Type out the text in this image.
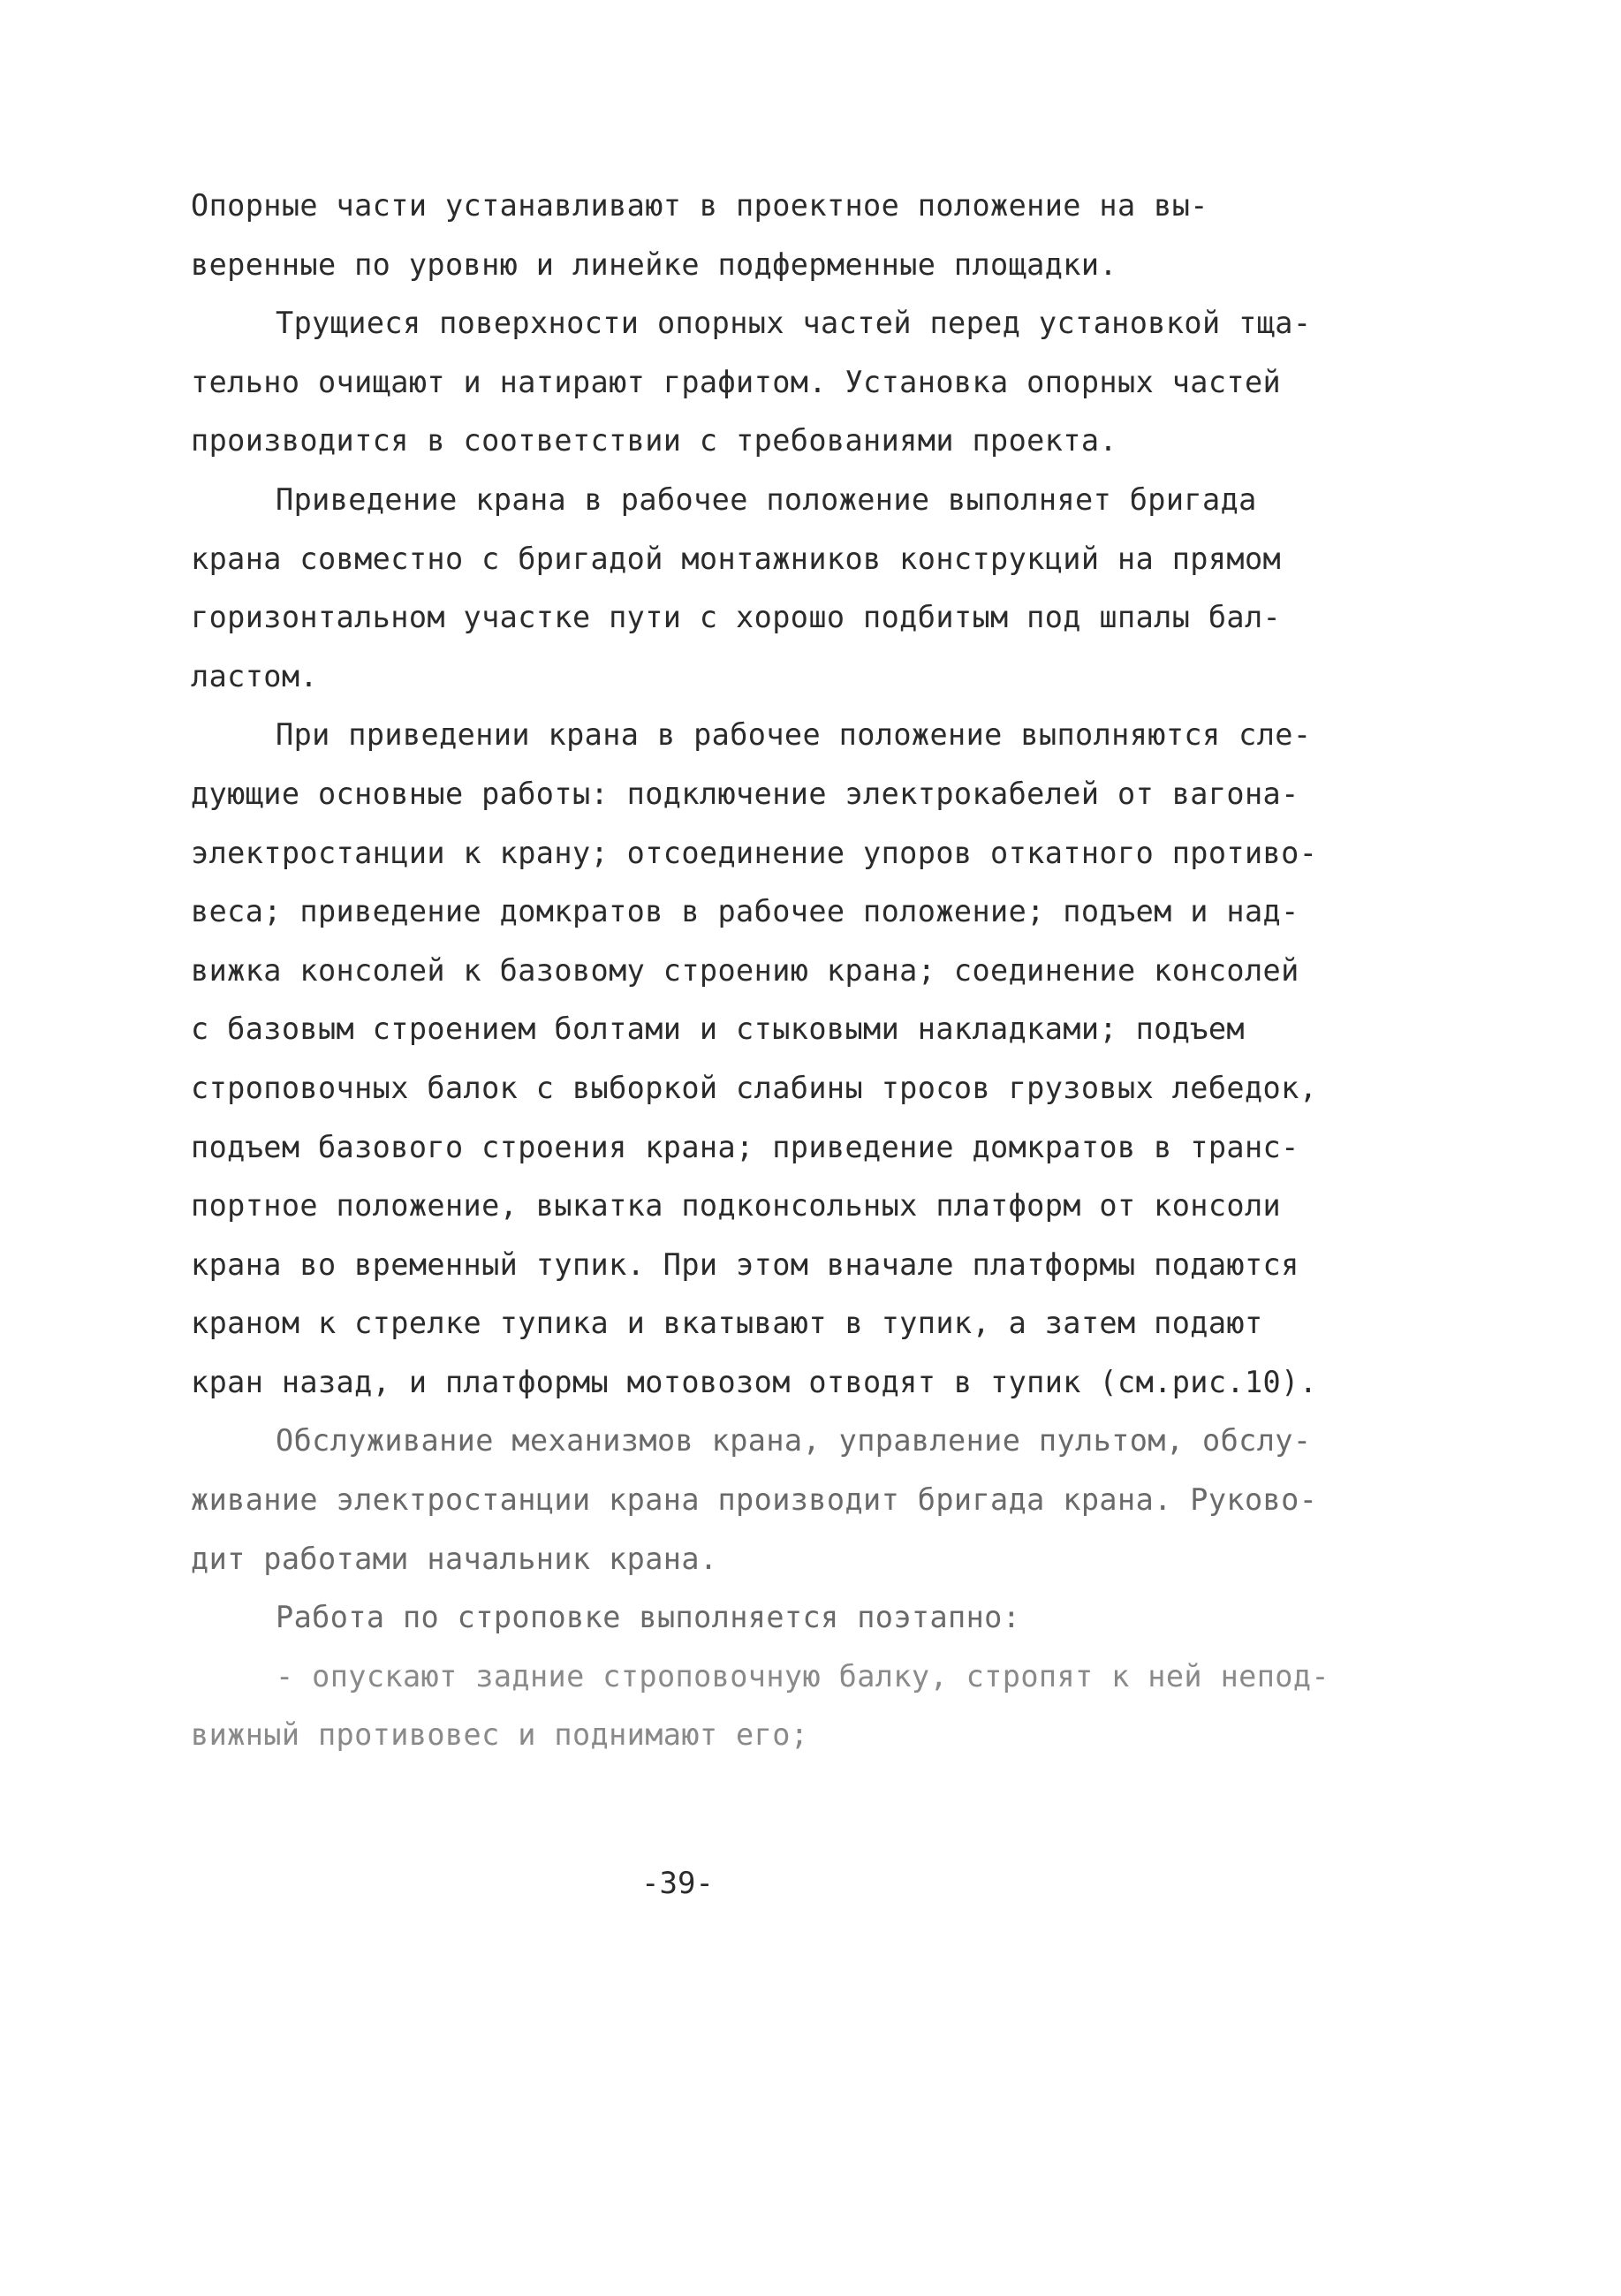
Опорные части устанавливают в проектное положение на вы-
веренные по уровню и линейке подферменные площадки.
Трущиеся поверхности опорных частей перед установкой тща-
тельно очищают и натирают графитом. Установка опорных частей
производится в соответствии с требованиями проекта.
Приведение крана в рабочее положение выполняет бригада
крана совместно с бригадой монтажников конструкций на прямом
горизонтальном участке пути с хорошо подбитым под шпалы бал-
ластом.
При приведении крана в рабочее положение выполняются сле-
дующие основные работы: подключение электрокабелей от вагона-
электростанции к крану; отсоединение упоров откатного противо-
веса; приведение домкратов в рабочее положение; подъем и над-
вижка консолей к базовому строению крана; соединение консолей
с базовым строением болтами и стыковыми накладками; подъем
строповочных балок с выборкой слабины тросов грузовых лебедок,
подъем базового строения крана; приведение домкратов в транс-
портное положение, выкатка подконсольных платформ от консоли
крана во временный тупик. При этом вначале платформы подаются
краном к стрелке тупика и вкатывают в тупик, а затем подают
кран назад, и платформы мотовозом отводят в тупик (см.рис.10).
Обслуживание механизмов крана, управление пультом, обслу-
живание электростанции крана производит бригада крана. Руково-
дит работами начальник крана.
Работа по строповке выполняется поэтапно:
- опускают задние строповочную балку, стропят к ней непод-
вижный противовес и поднимают его;
-39-
